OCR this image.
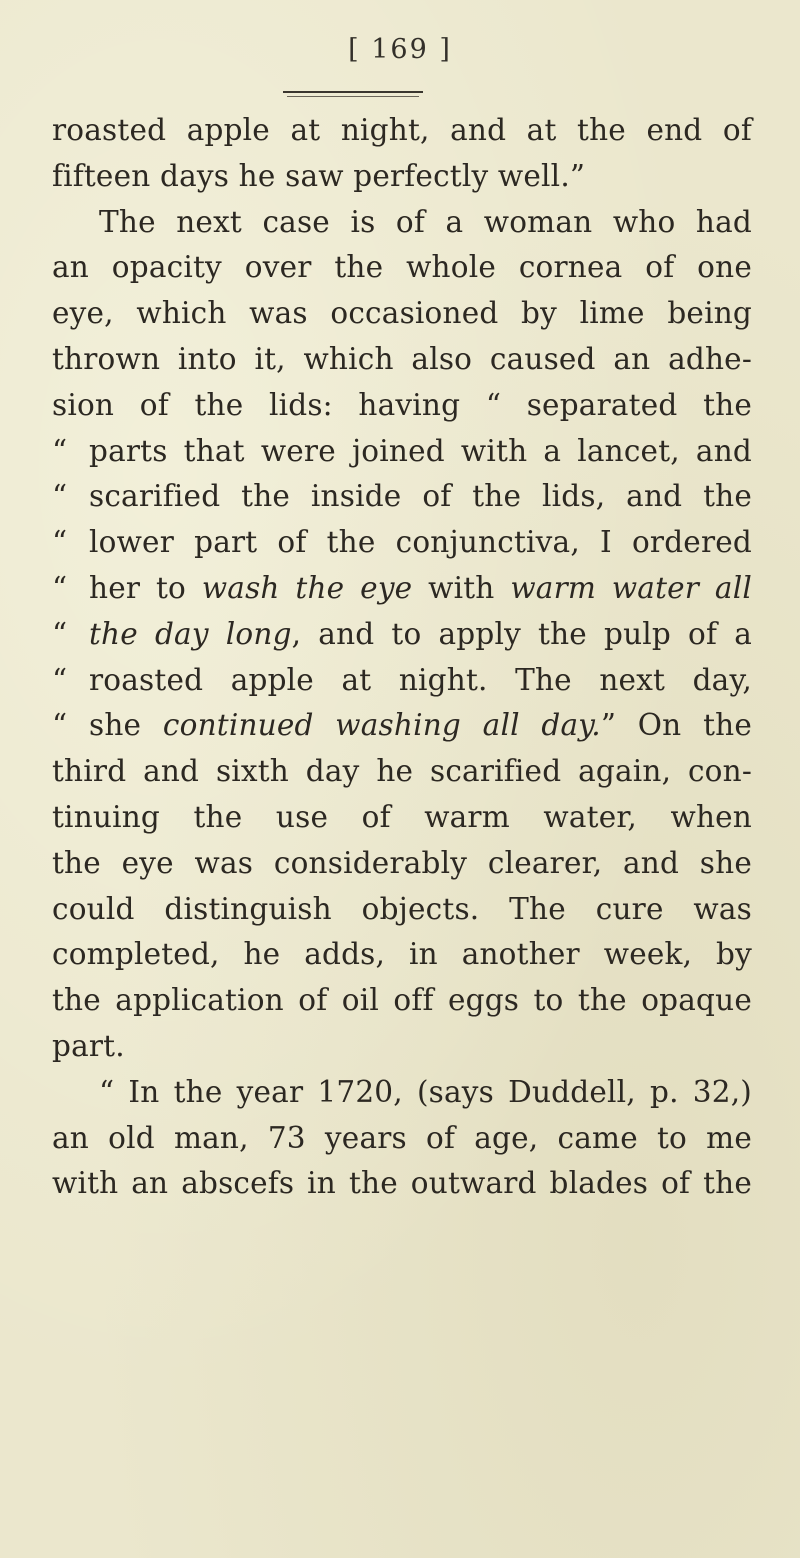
[ 169 ]
roasted apple at night, and at the end of
fifteen days he saw perfectly well.”
The next case is of a woman who had
an opacity over the whole cornea of one
eye, which was occasioned by lime being
thrown into it, which also caused an adhe-
sion of the lids: having “ separated the
“ parts that were joined with a lancet, and
“ scarified the inside of the lids, and the
“ lower part of the conjunctiva, I ordered
“ her to wash the eye with warm water all
“ the day long, and to apply the pulp of a
“ roasted apple at night. The next day,
“ she continued washing all day.” On the
third and sixth day he scarified again, con-
tinuing the use of warm water, when
the eye was considerably clearer, and she
could distinguish objects. The cure was
completed, he adds, in another week, by
the application of oil off eggs to the opaque
part.
“ In the year 1720, (says Duddell, p. 32,)
an old man, 73 years of age, came to me
with an abscefs in the outward blades of the
